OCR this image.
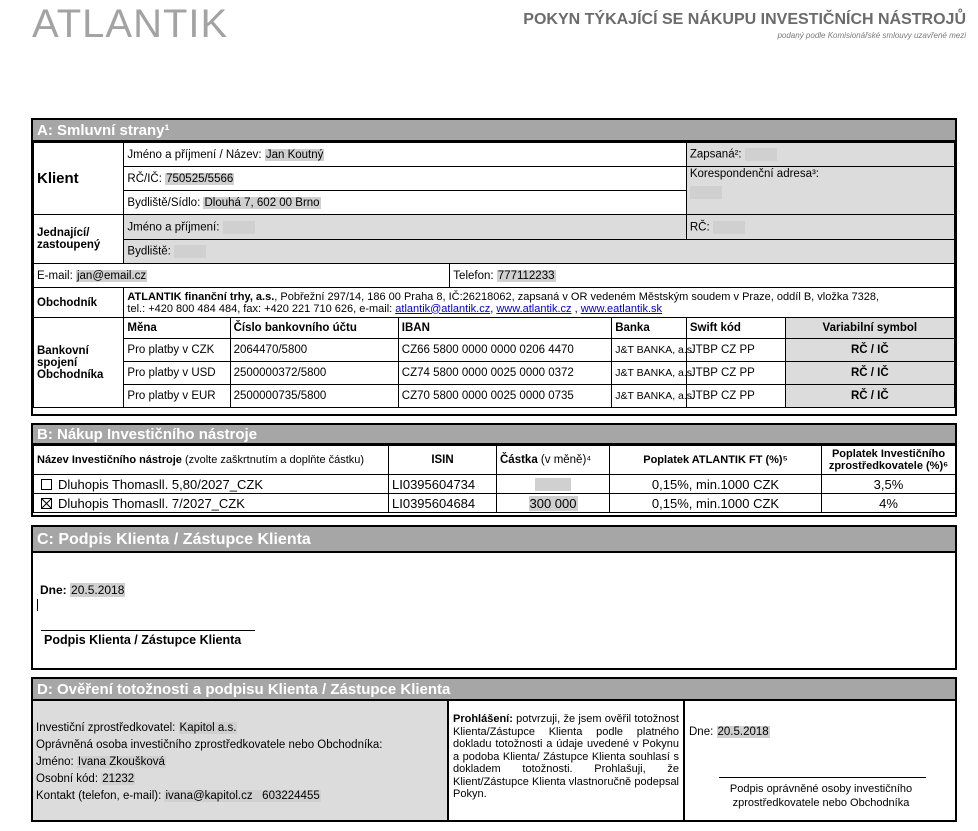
ATLANTIK	POKYN TÝKAJÍCÍ SE NÁKUPU INVESTIČNÍCH NÁSTROJŮ
podaný podle Komisionářské smlouvy uzavřené mezi
A: Smluvní strany¹
Klient	Jméno a příjmení / Název: Jan Koutný					Zapsaná²:	
	RČ/IČ: 750525/5566					Korespondenční adresa³:	

	Bydliště/Sídlo: Dlouhá 7, 602 00 Brno						
Jednající/ zastoupený	Jméno a příjmení:					RČ:	
	Bydliště:						
E-mail: jan@email.cz				Telefon: 777112233			
Obchodník	ATLANTIK finanční trhy, a.s., Pobřežní 297/14, 186 00 Praha 8, IČ:26218062, zapsaná v OR vedeném Městským soudem v Praze, oddíl B, vložka 7328,
tel.: +420 800 484 484, fax: +420 221 710 626, e-mail: atlantik@atlantik.cz, www.atlantik.cz , www.eatlantik.sk						
Bankovní spojení Obchodníka	Měna	Číslo bankovního účtu	IBAN		Banka	Swift kód	Variabilní symbol
	Pro platby v CZK	2064470/5800	CZ66 5800 0000 0000 0206 4470		J&T BANKA, a.s.	JTBP CZ PP	RČ / IČ
	Pro platby v USD	2500000372/5800	CZ74 5800 0000 0025 0000 0372		J&T BANKA, a.s.	JTBP CZ PP	RČ / IČ
	Pro platby v EUR	2500000735/5800	CZ70 5800 0000 0025 0000 0735		J&T BANKA, a.s.	JTBP CZ PP	RČ / IČ
B: Nákup Investičního nástroje
Název Investičního nástroje (zvolte zaškrtnutím a doplňte částku)	ISIN	Částka (v měně)⁴	Poplatek ATLANTIK FT (%)⁵	Poplatek Investičního zprostředkovatele (%)⁶
Dluhopis Thomasll. 5,80/2027_CZK	LI0395604734		0,15%, min.1000 CZK	3,5%
Dluhopis Thomasll. 7/2027_CZK	LI0395604684	300 000	0,15%, min.1000 CZK	4%
C: Podpis Klienta / Zástupce Klienta
Dne: 20.5.2018
Podpis Klienta / Zástupce Klienta
D: Ověření totožnosti a podpisu Klienta / Zástupce Klienta
Investiční zprostředkovatel: Kapitol a.s.
Oprávněná osoba investičního zprostředkovatele nebo Obchodníka:
Jméno: Ivana Zkoušková
Osobní kód: 21232
Kontakt (telefon, e-mail): ivana@kapitol.cz   603224455
Prohlášení: potvrzuji, že jsem ověřil totožnost Klienta/Zástupce Klienta podle platného dokladu totožnosti a údaje uvedené v Pokynu a podoba Klienta/ Zástupce Klienta souhlasí s dokladem totožnosti. Prohlašuji, že Klient/Zástupce Klienta vlastnoručně podepsal Pokyn.
Dne: 20.5.2018
Podpis oprávněné osoby investičního zprostředkovatele nebo Obchodníka
